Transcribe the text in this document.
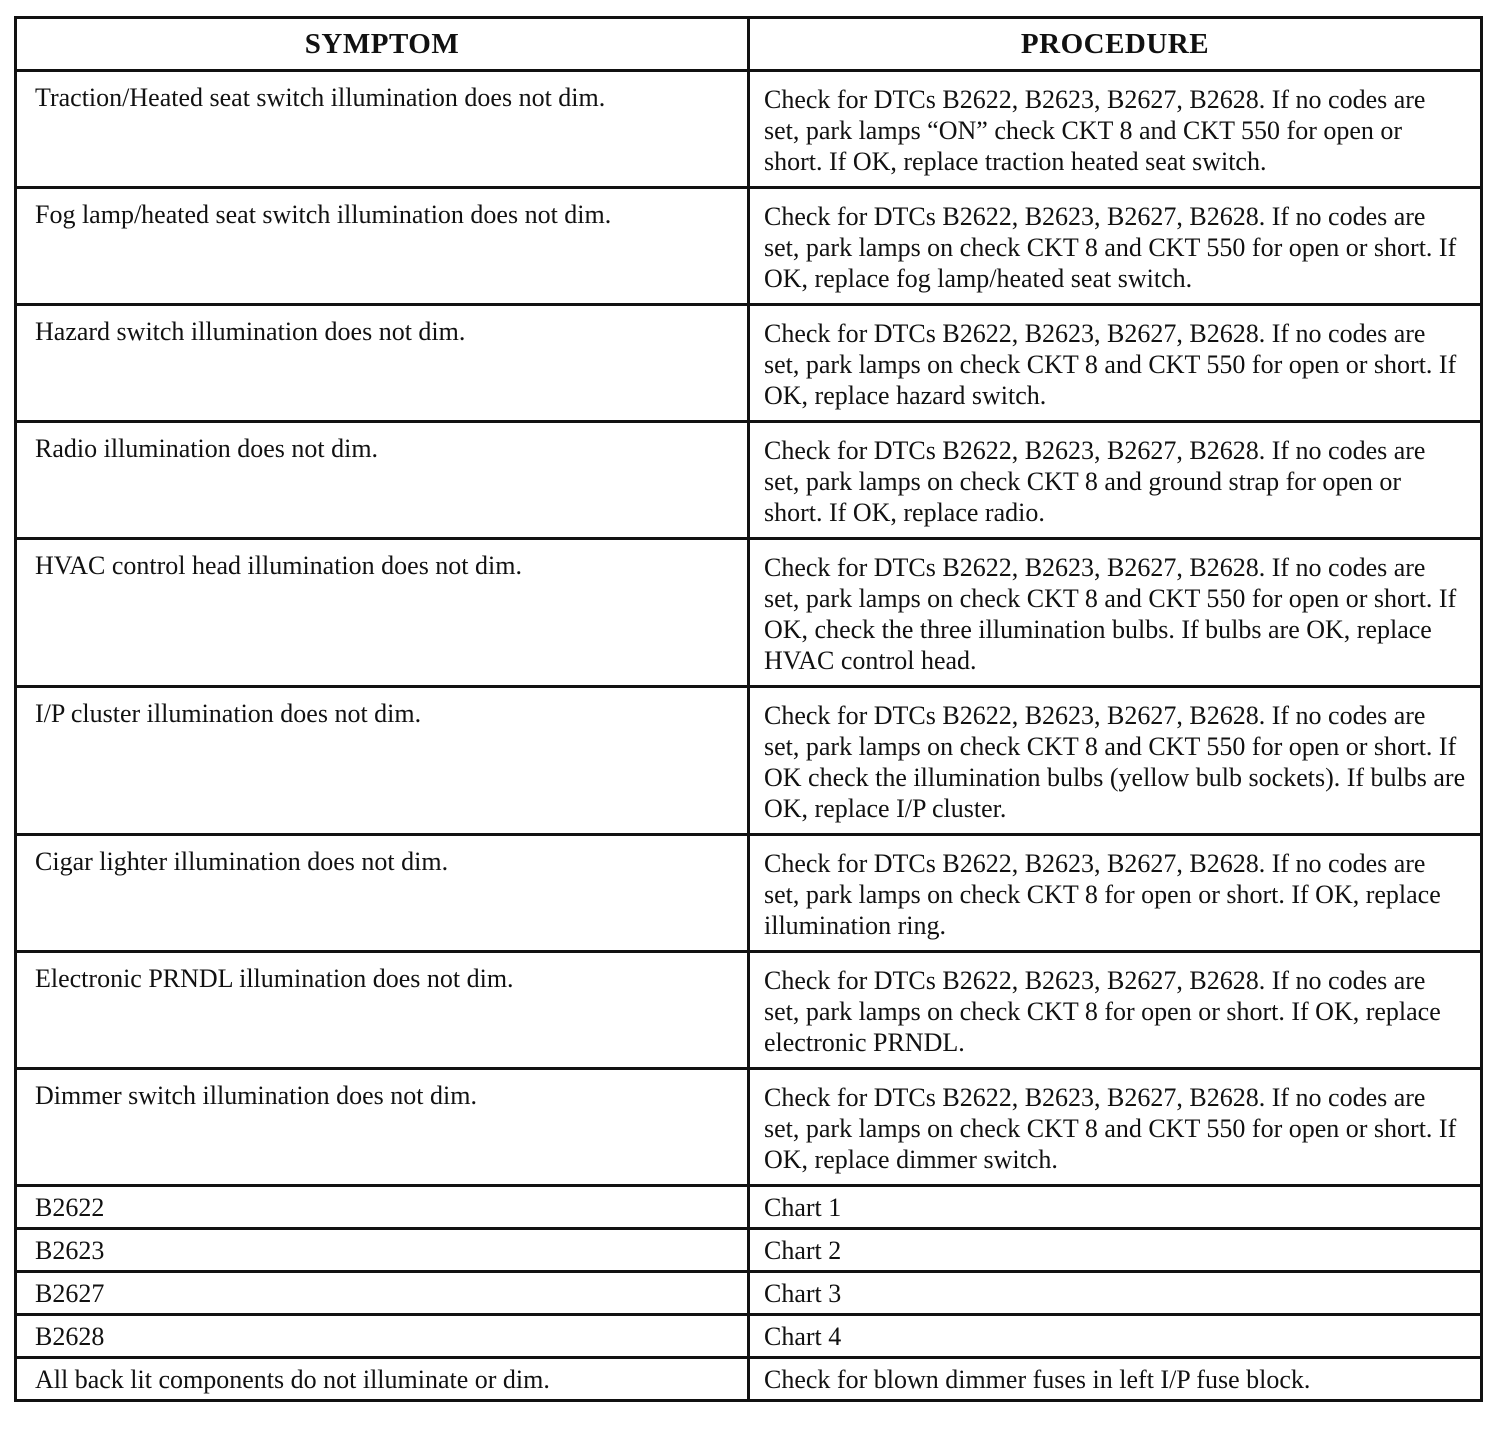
SYMPTOM	PROCEDURE
Traction/Heated seat switch illumination does not dim.	Check for DTCs B2622, B2623, B2627, B2628. If no codes are set, park lamps “ON” check CKT 8 and CKT 550 for open or short. If OK, replace traction heated seat switch.
Fog lamp/heated seat switch illumination does not dim.	Check for DTCs B2622, B2623, B2627, B2628. If no codes are set, park lamps on check CKT 8 and CKT 550 for open or short. If OK, replace fog lamp/heated seat switch.
Hazard switch illumination does not dim.	Check for DTCs B2622, B2623, B2627, B2628. If no codes are set, park lamps on check CKT 8 and CKT 550 for open or short. If OK, replace hazard switch.
Radio illumination does not dim.	Check for DTCs B2622, B2623, B2627, B2628. If no codes are set, park lamps on check CKT 8 and ground strap for open or short. If OK, replace radio.
HVAC control head illumination does not dim.	Check for DTCs B2622, B2623, B2627, B2628. If no codes are set, park lamps on check CKT 8 and CKT 550 for open or short. If OK, check the three illumination bulbs. If bulbs are OK, replace HVAC control head.
I/P cluster illumination does not dim.	Check for DTCs B2622, B2623, B2627, B2628. If no codes are set, park lamps on check CKT 8 and CKT 550 for open or short. If OK check the illumination bulbs (yellow bulb sockets). If bulbs are OK, replace I/P cluster.
Cigar lighter illumination does not dim.	Check for DTCs B2622, B2623, B2627, B2628. If no codes are set, park lamps on check CKT 8 for open or short. If OK, replace illumination ring.
Electronic PRNDL illumination does not dim.	Check for DTCs B2622, B2623, B2627, B2628. If no codes are set, park lamps on check CKT 8 for open or short. If OK, replace electronic PRNDL.
Dimmer switch illumination does not dim.	Check for DTCs B2622, B2623, B2627, B2628. If no codes are set, park lamps on check CKT 8 and CKT 550 for open or short. If OK, replace dimmer switch.
B2622	Chart 1
B2623	Chart 2
B2627	Chart 3
B2628	Chart 4
All back lit components do not illuminate or dim.	Check for blown dimmer fuses in left I/P fuse block.
